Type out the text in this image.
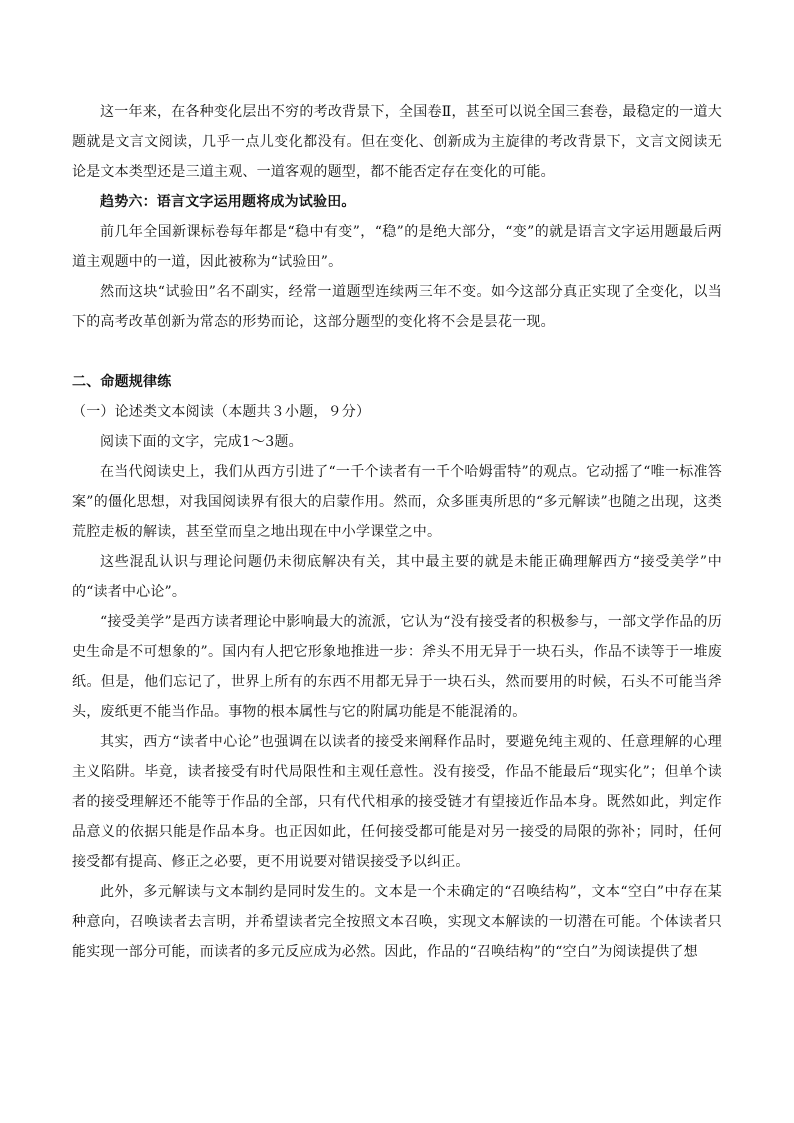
这一年来，在各种变化层出不穷的考改背景下，全国卷Ⅱ，甚至可以说全国三套卷，最稳定的一道大题就是文言文阅读，几乎一点儿变化都没有。但在变化、创新成为主旋律的考改背景下，文言文阅读无论是文本类型还是三道主观、一道客观的题型，都不能否定存在变化的可能。

趋势六：语言文字运用题将成为试验田。

前几年全国新课标卷每年都是“稳中有变”，“稳”的是绝大部分，“变”的就是语言文字运用题最后两道主观题中的一道，因此被称为“试验田”。

然而这块“试验田”名不副实，经常一道题型连续两三年不变。如今这部分真正实现了全变化，以当下的高考改革创新为常态的形势而论，这部分题型的变化将不会是昙花一现。

二、命题规律练

（一）论述类文本阅读（本题共３小题，９分）

阅读下面的文字，完成1～3题。

在当代阅读史上，我们从西方引进了“一千个读者有一千个哈姆雷特”的观点。它动摇了“唯一标准答案”的僵化思想，对我国阅读界有很大的启蒙作用。然而，众多匪夷所思的“多元解读”也随之出现，这类荒腔走板的解读，甚至堂而皇之地出现在中小学课堂之中。

这些混乱认识与理论问题仍未彻底解决有关，其中最主要的就是未能正确理解西方“接受美学”中的“读者中心论”。

“接受美学”是西方读者理论中影响最大的流派，它认为“没有接受者的积极参与，一部文学作品的历史生命是不可想象的”。国内有人把它形象地推进一步：斧头不用无异于一块石头，作品不读等于一堆废纸。但是，他们忘记了，世界上所有的东西不用都无异于一块石头，然而要用的时候，石头不可能当斧头，废纸更不能当作品。事物的根本属性与它的附属功能是不能混淆的。

其实，西方“读者中心论”也强调在以读者的接受来阐释作品时，要避免纯主观的、任意理解的心理主义陷阱。毕竟，读者接受有时代局限性和主观任意性。没有接受，作品不能最后“现实化”；但单个读者的接受理解还不能等于作品的全部，只有代代相承的接受链才有望接近作品本身。既然如此，判定作品意义的依据只能是作品本身。也正因如此，任何接受都可能是对另一接受的局限的弥补；同时，任何接受都有提高、修正之必要，更不用说要对错误接受予以纠正。

此外，多元解读与文本制约是同时发生的。文本是一个未确定的“召唤结构”，文本“空白”中存在某种意向，召唤读者去言明，并希望读者完全按照文本召唤，实现文本解读的一切潜在可能。个体读者只能实现一部分可能，而读者的多元反应成为必然。因此，作品的“召唤结构”的“空白”为阅读提供了想
